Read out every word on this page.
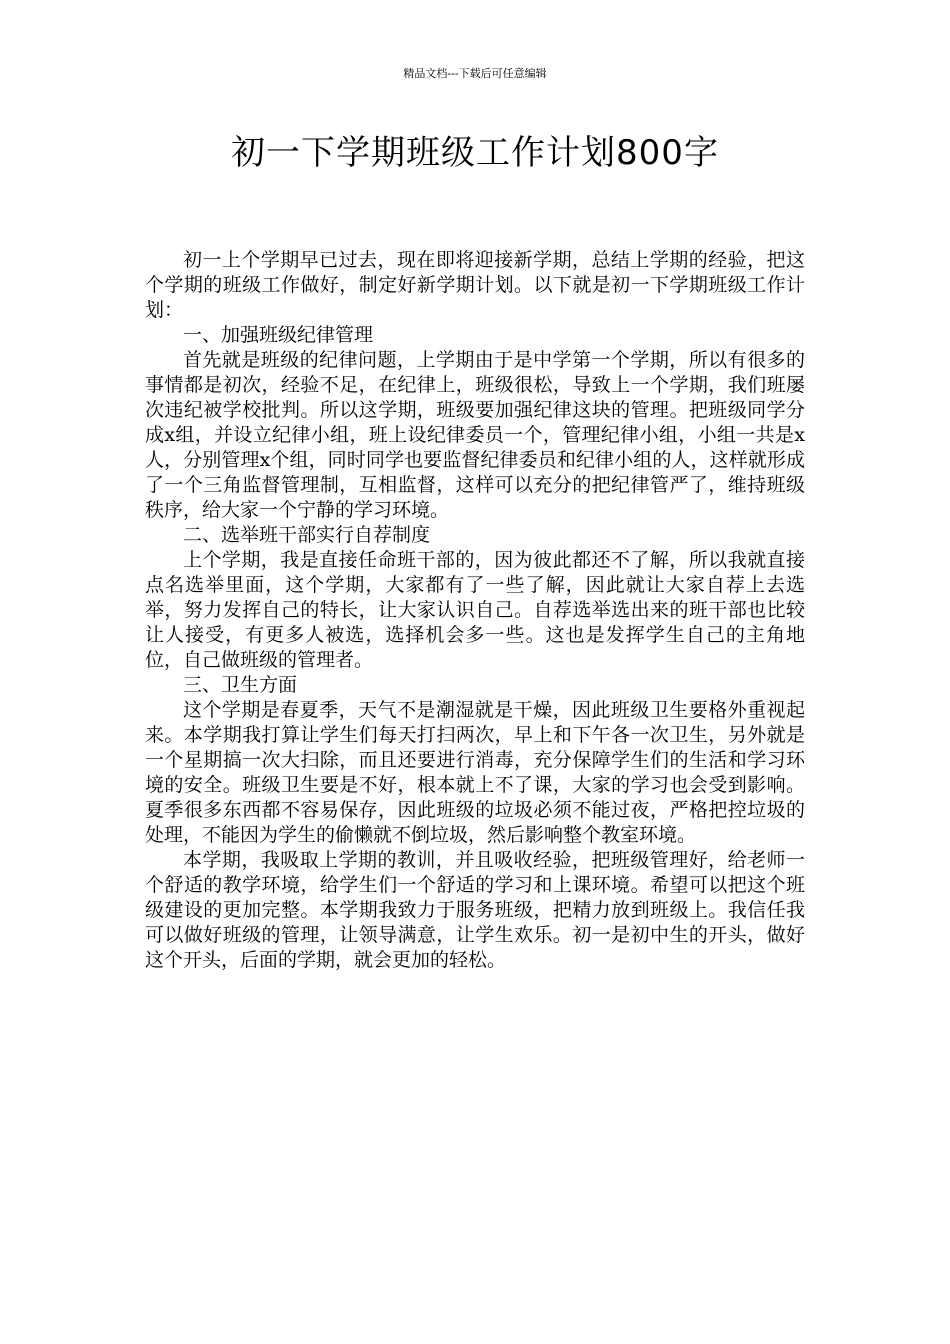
精品文档---下载后可任意编辑
初一下学期班级工作计划800字

初一上个学期早已过去，现在即将迎接新学期，总结上学期的经验，把这个学期的班级工作做好，制定好新学期计划。以下就是初一下学期班级工作计划：

一、加强班级纪律管理

首先就是班级的纪律问题，上学期由于是中学第一个学期，所以有很多的事情都是初次，经验不足，在纪律上，班级很松，导致上一个学期，我们班屡次违纪被学校批判。所以这学期，班级要加强纪律这块的管理。把班级同学分成x组，并设立纪律小组，班上设纪律委员一个，管理纪律小组，小组一共是x人，分别管理x个组，同时同学也要监督纪律委员和纪律小组的人，这样就形成了一个三角监督管理制，互相监督，这样可以充分的把纪律管严了，维持班级秩序，给大家一个宁静的学习环境。

二、选举班干部实行自荐制度

上个学期，我是直接任命班干部的，因为彼此都还不了解，所以我就直接点名选举里面，这个学期，大家都有了一些了解，因此就让大家自荐上去选举，努力发挥自己的特长，让大家认识自己。自荐选举选出来的班干部也比较让人接受，有更多人被选，选择机会多一些。这也是发挥学生自己的主角地位，自己做班级的管理者。

三、卫生方面

这个学期是春夏季，天气不是潮湿就是干燥，因此班级卫生要格外重视起来。本学期我打算让学生们每天打扫两次，早上和下午各一次卫生，另外就是一个星期搞一次大扫除，而且还要进行消毒，充分保障学生们的生活和学习环境的安全。班级卫生要是不好，根本就上不了课，大家的学习也会受到影响。夏季很多东西都不容易保存，因此班级的垃圾必须不能过夜，严格把控垃圾的处理，不能因为学生的偷懒就不倒垃圾，然后影响整个教室环境。

本学期，我吸取上学期的教训，并且吸收经验，把班级管理好，给老师一个舒适的教学环境，给学生们一个舒适的学习和上课环境。希望可以把这个班级建设的更加完整。本学期我致力于服务班级，把精力放到班级上。我信任我可以做好班级的管理，让领导满意，让学生欢乐。初一是初中生的开头，做好这个开头，后面的学期，就会更加的轻松。
